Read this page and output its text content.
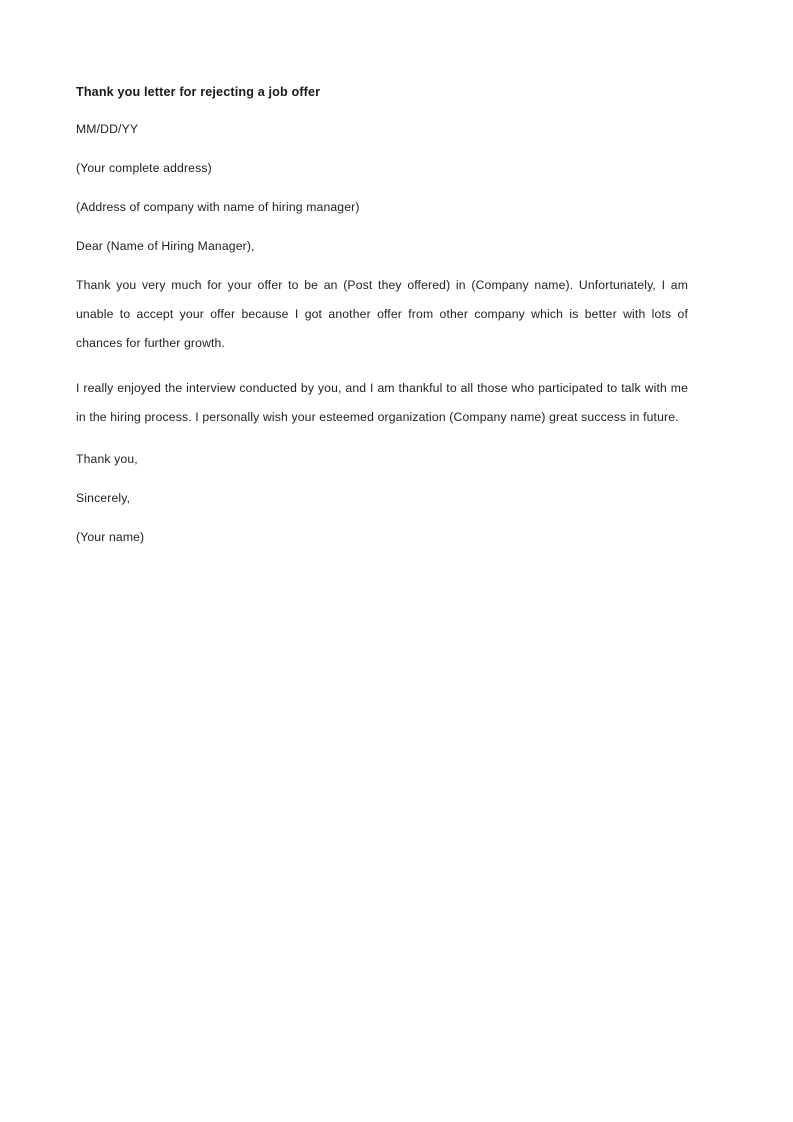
Thank you letter for rejecting a job offer
MM/DD/YY
(Your complete address)
(Address of company with name of hiring manager)
Dear (Name of Hiring Manager),
Thank you very much for your offer to be an (Post they offered) in (Company name). Unfortunately, I am unable to accept your offer because I got another offer from other company which is better with lots of chances for further growth.
I really enjoyed the interview conducted by you, and I am thankful to all those who participated to talk with me in the hiring process. I personally wish your esteemed organization (Company name) great success in future.
Thank you,
Sincerely,
(Your name)
